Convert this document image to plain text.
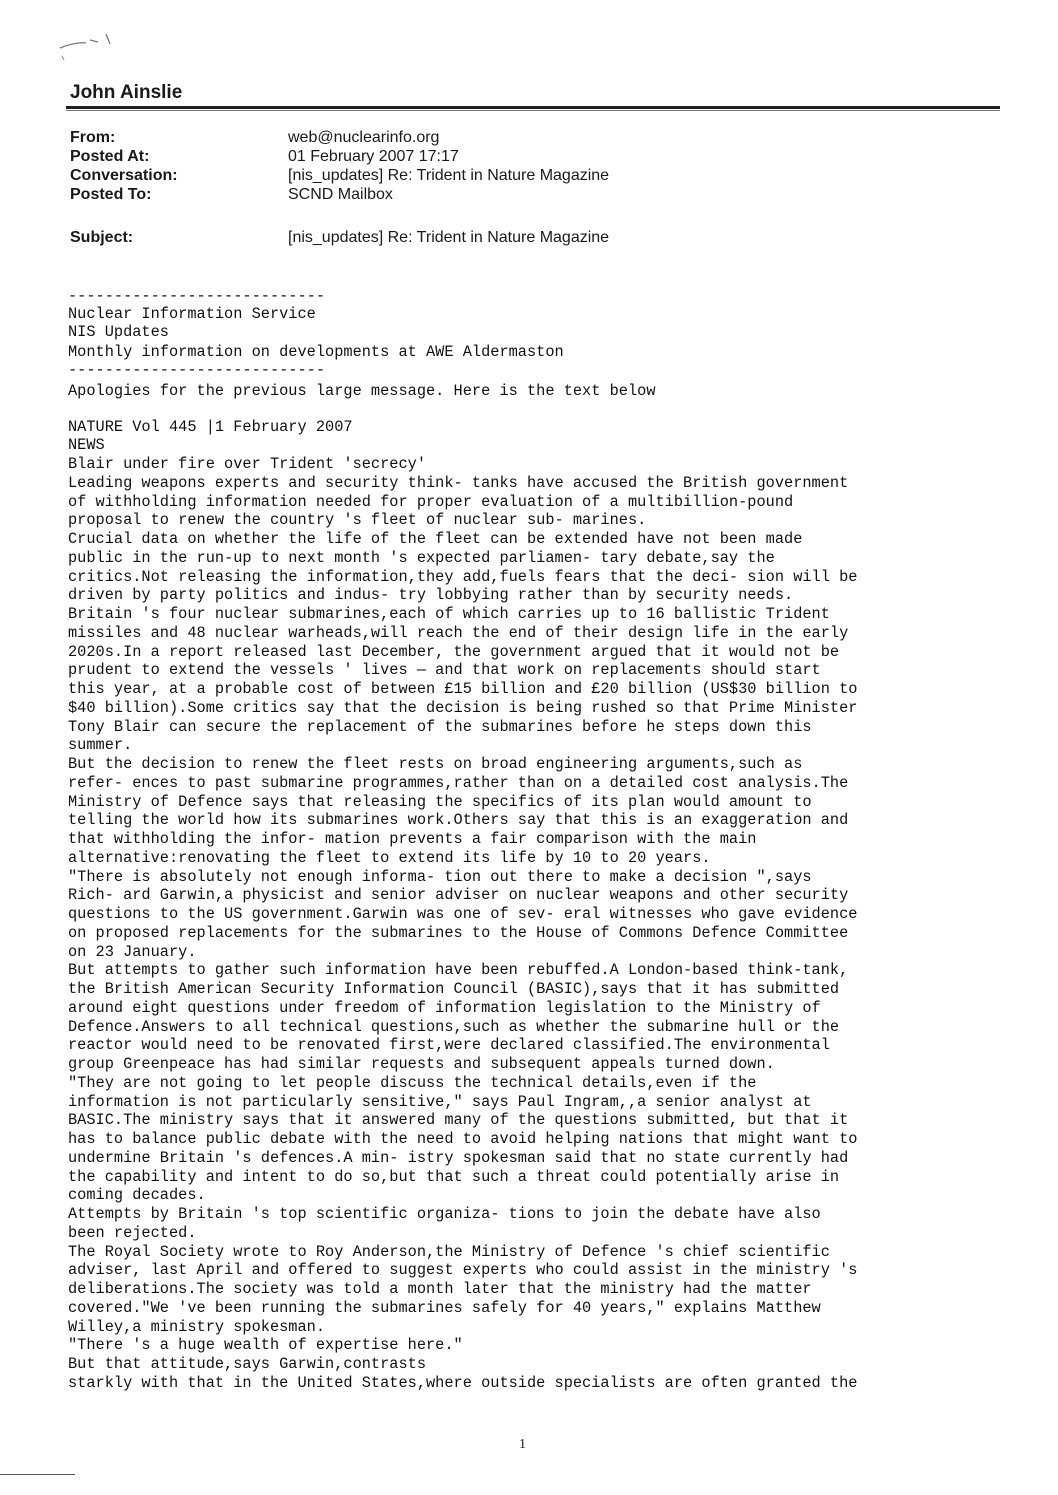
John Ainslie
From:	web@nuclearinfo.org
Posted At:	01 February 2007 17:17
Conversation:	[nis_updates] Re: Trident in Nature Magazine
Posted To:	SCND Mailbox
Subject:	[nis_updates] Re: Trident in Nature Magazine
----------------------------
Nuclear Information Service
NIS Updates
Monthly information on developments at AWE Aldermaston
----------------------------
Apologies for the previous large message. Here is the text below
NATURE Vol 445 |1 February 2007
NEWS
Blair under fire over Trident 'secrecy'
Leading weapons experts and security think- tanks have accused the British government
of withholding information needed for proper evaluation of a multibillion-pound
proposal to renew the country 's fleet of nuclear sub- marines.
Crucial data on whether the life of the fleet can be extended have not been made
public in the run-up to next month 's expected parliamen- tary debate,say the
critics.Not releasing the information,they add,fuels fears that the deci- sion will be
driven by party politics and indus- try lobbying rather than by security needs.
Britain 's four nuclear submarines,each of which carries up to 16 ballistic Trident
missiles and 48 nuclear warheads,will reach the end of their design life in the early
2020s.In a report released last December, the government argued that it would not be
prudent to extend the vessels ' lives — and that work on replacements should start
this year, at a probable cost of between £15 billion and £20 billion (US$30 billion to
$40 billion).Some critics say that the decision is being rushed so that Prime Minister
Tony Blair can secure the replacement of the submarines before he steps down this
summer.
But the decision to renew the fleet rests on broad engineering arguments,such as
refer- ences to past submarine programmes,rather than on a detailed cost analysis.The
Ministry of Defence says that releasing the specifics of its plan would amount to
telling the world how its submarines work.Others say that this is an exaggeration and
that withholding the infor- mation prevents a fair comparison with the main
alternative:renovating the fleet to extend its life by 10 to 20 years.
"There is absolutely not enough informa- tion out there to make a decision ",says
Rich- ard Garwin,a physicist and senior adviser on nuclear weapons and other security
questions to the US government.Garwin was one of sev- eral witnesses who gave evidence
on proposed replacements for the submarines to the House of Commons Defence Committee
on 23 January.
But attempts to gather such information have been rebuffed.A London-based think-tank,
the British American Security Information Council (BASIC),says that it has submitted
around eight questions under freedom of information legislation to the Ministry of
Defence.Answers to all technical questions,such as whether the submarine hull or the
reactor would need to be renovated first,were declared classified.The environmental
group Greenpeace has had similar requests and subsequent appeals turned down.
"They are not going to let people discuss the technical details,even if the
information is not particularly sensitive," says Paul Ingram,,a senior analyst at
BASIC.The ministry says that it answered many of the questions submitted, but that it
has to balance public debate with the need to avoid helping nations that might want to
undermine Britain 's defences.A min- istry spokesman said that no state currently had
the capability and intent to do so,but that such a threat could potentially arise in
coming decades.
Attempts by Britain 's top scientific organiza- tions to join the debate have also
been rejected.
The Royal Society wrote to Roy Anderson,the Ministry of Defence 's chief scientific
adviser, last April and offered to suggest experts who could assist in the ministry 's
deliberations.The society was told a month later that the ministry had the matter
covered."We 've been running the submarines safely for 40 years," explains Matthew
Willey,a ministry spokesman.
"There 's a huge wealth of expertise here."
But that attitude,says Garwin,contrasts
starkly with that in the United States,where outside specialists are often granted the
1
